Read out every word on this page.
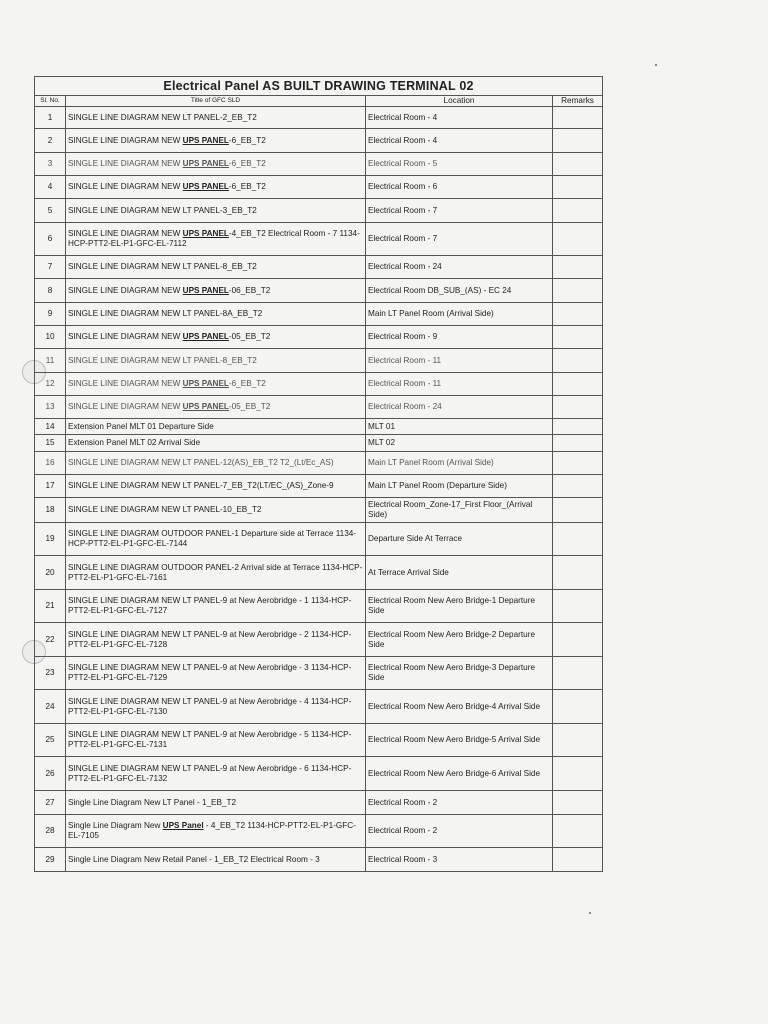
Electrical Panel AS BUILT DRAWING TERMINAL 02			
Sl. No.	Title of GFC SLD	Location	Remarks
1	SINGLE LINE DIAGRAM NEW LT PANEL-2_EB_T2	Electrical Room - 4	
2	SINGLE LINE DIAGRAM NEW UPS PANEL-6_EB_T2	Electrical Room - 4	
3	SINGLE LINE DIAGRAM NEW UPS PANEL-6_EB_T2	Electrical Room - 5	
4	SINGLE LINE DIAGRAM NEW UPS PANEL-6_EB_T2	Electrical Room - 6	
5	SINGLE LINE DIAGRAM NEW LT PANEL-3_EB_T2	Electrical Room - 7	
6	SINGLE LINE DIAGRAM NEW UPS PANEL-4_EB_T2 Electrical Room - 7 1134-HCP-PTT2-EL-P1-GFC-EL-7112	Electrical Room - 7	
7	SINGLE LINE DIAGRAM NEW LT PANEL-8_EB_T2	Electrical Room - 24	
8	SINGLE LINE DIAGRAM NEW UPS PANEL-06_EB_T2	Electrical Room DB_SUB_(AS) - EC 24	
9	SINGLE LINE DIAGRAM NEW LT PANEL-8A_EB_T2	Main LT Panel Room (Arrival Side)	
10	SINGLE LINE DIAGRAM NEW UPS PANEL-05_EB_T2	Electrical Room - 9	
11	SINGLE LINE DIAGRAM NEW LT PANEL-8_EB_T2	Electrical Room - 11	
12	SINGLE LINE DIAGRAM NEW UPS PANEL-6_EB_T2	Electrical Room - 11	
13	SINGLE LINE DIAGRAM NEW UPS PANEL-05_EB_T2	Electrical Room - 24	
14	Extension Panel MLT 01 Departure Side	MLT 01	
15	Extension Panel MLT 02 Arrival Side	MLT 02	
16	SINGLE LINE DIAGRAM NEW LT PANEL-12(AS)_EB_T2 T2_(Lt/Ec_AS)	Main LT Panel Room (Arrival Side)	
17	SINGLE LINE DIAGRAM NEW LT PANEL-7_EB_T2(LT/EC_(AS)_Zone-9	Main LT Panel Room (Departure Side)	
18	SINGLE LINE DIAGRAM NEW LT PANEL-10_EB_T2	Electrical Room_Zone-17_First Floor_(Arrival Side)	
19	SINGLE LINE DIAGRAM OUTDOOR PANEL-1 Departure side at Terrace 1134-HCP-PTT2-EL-P1-GFC-EL-7144	Departure Side At Terrace	
20	SINGLE LINE DIAGRAM OUTDOOR PANEL-2 Arrival side at Terrace 1134-HCP-PTT2-EL-P1-GFC-EL-7161	At Terrace Arrival Side	
21	SINGLE LINE DIAGRAM NEW LT PANEL-9 at New Aerobridge - 1 1134-HCP-PTT2-EL-P1-GFC-EL-7127	Electrical Room New Aero Bridge-1 Departure Side	
22	SINGLE LINE DIAGRAM NEW LT PANEL-9 at New Aerobridge - 2 1134-HCP-PTT2-EL-P1-GFC-EL-7128	Electrical Room New Aero Bridge-2 Departure Side	
23	SINGLE LINE DIAGRAM NEW LT PANEL-9 at New Aerobridge - 3 1134-HCP-PTT2-EL-P1-GFC-EL-7129	Electrical Room New Aero Bridge-3 Departure Side	
24	SINGLE LINE DIAGRAM NEW LT PANEL-9 at New Aerobridge - 4 1134-HCP-PTT2-EL-P1-GFC-EL-7130	Electrical Room New Aero Bridge-4 Arrival Side	
25	SINGLE LINE DIAGRAM NEW LT PANEL-9 at New Aerobridge - 5 1134-HCP-PTT2-EL-P1-GFC-EL-7131	Electrical Room New Aero Bridge-5 Arrival Side	
26	SINGLE LINE DIAGRAM NEW LT PANEL-9 at New Aerobridge - 6 1134-HCP-PTT2-EL-P1-GFC-EL-7132	Electrical Room New Aero Bridge-6 Arrival Side	
27	Single Line Diagram New LT Panel - 1_EB_T2	Electrical Room - 2	
28	Single Line Diagram New UPS Panel - 4_EB_T2 1134-HCP-PTT2-EL-P1-GFC-EL-7105	Electrical Room - 2	
29	Single Line Diagram New Retail Panel - 1_EB_T2 Electrical Room - 3	Electrical Room - 3	
